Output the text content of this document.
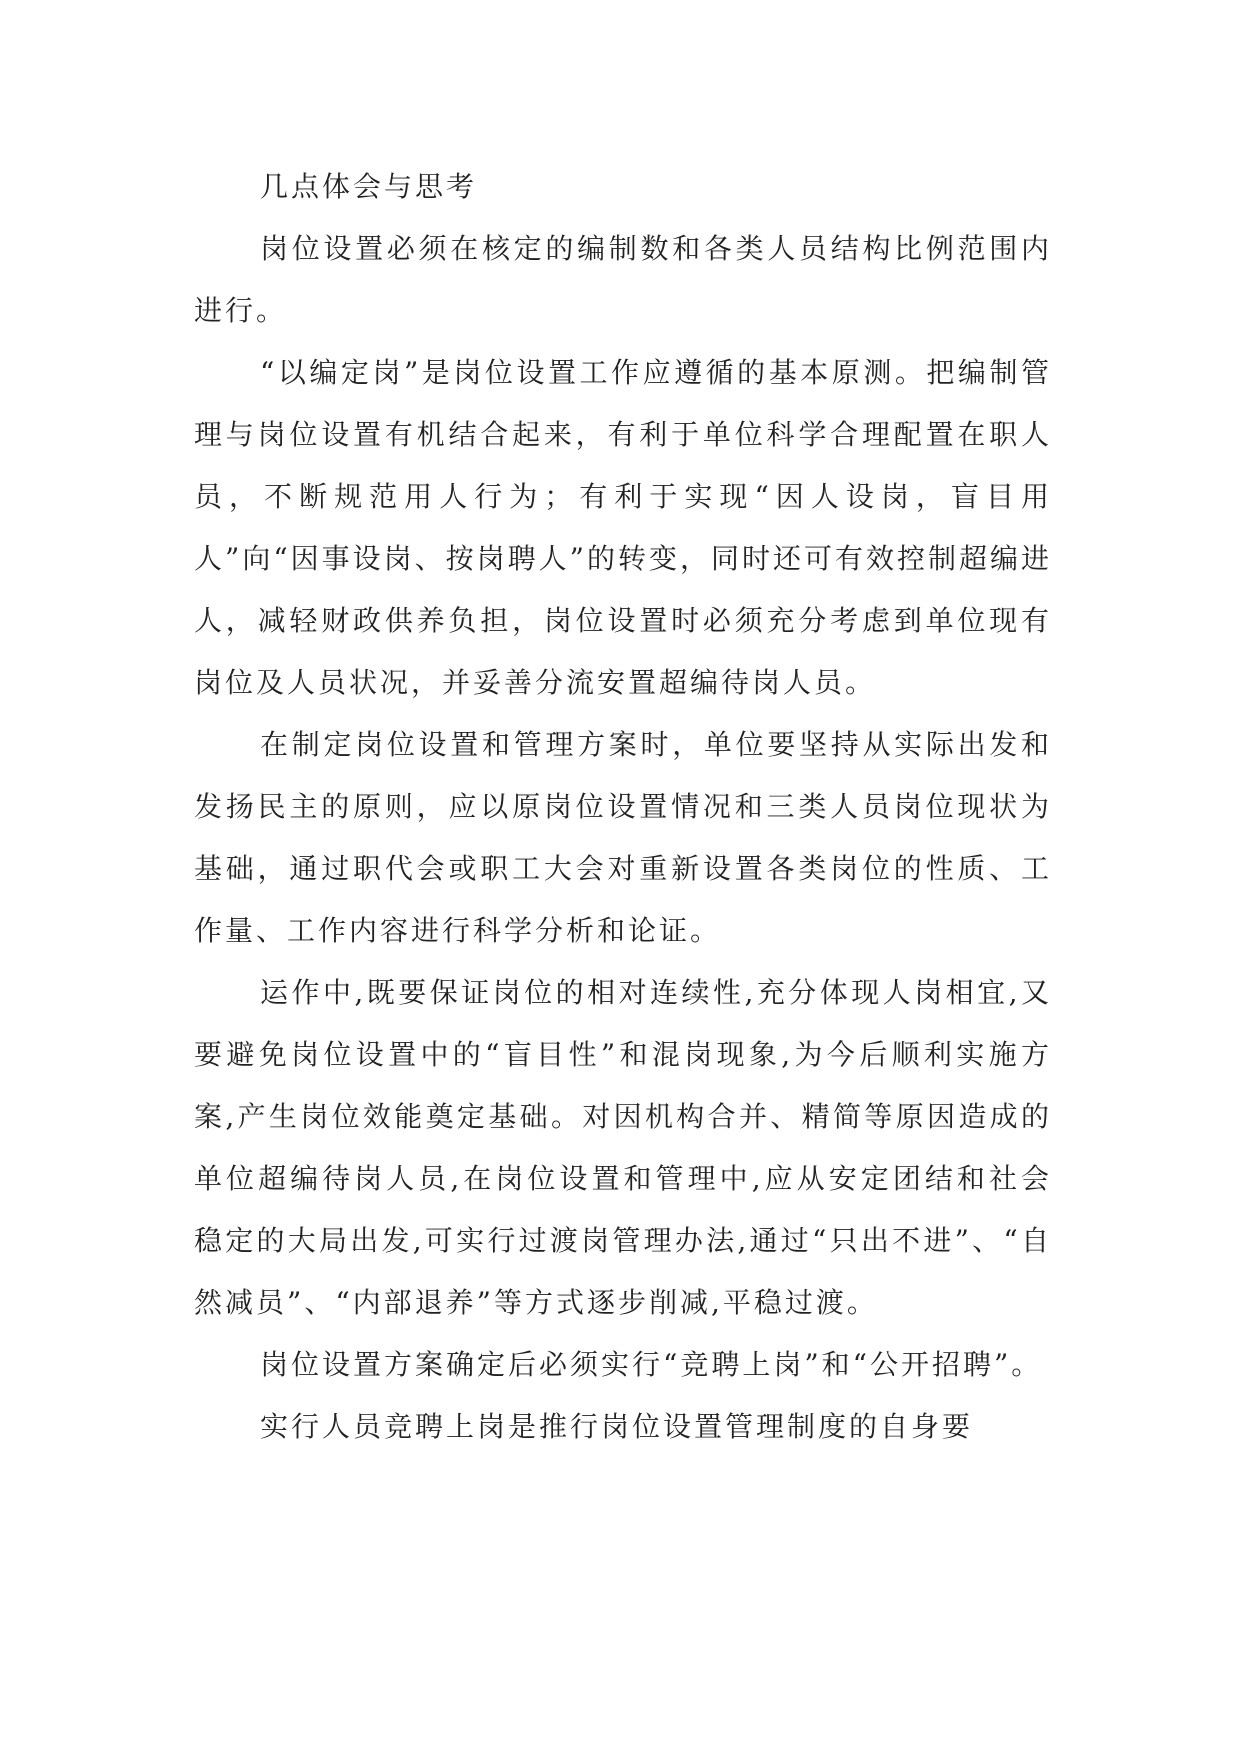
几点体会与思考

岗位设置必须在核定的编制数和各类人员结构比例范围内进行。

“以编定岗”是岗位设置工作应遵循的基本原测。把编制管理与岗位设置有机结合起来，有利于单位科学合理配置在职人员，不断规范用人行为；有利于实现“因人设岗，盲目用人”向“因事设岗、按岗聘人”的转变，同时还可有效控制超编进人，减轻财政供养负担，岗位设置时必须充分考虑到单位现有岗位及人员状况，并妥善分流安置超编待岗人员。

在制定岗位设置和管理方案时，单位要坚持从实际出发和发扬民主的原则，应以原岗位设置情况和三类人员岗位现状为基础，通过职代会或职工大会对重新设置各类岗位的性质、工作量、工作内容进行科学分析和论证。

运作中,既要保证岗位的相对连续性,充分体现人岗相宜,又要避免岗位设置中的“盲目性”和混岗现象,为今后顺利实施方案,产生岗位效能奠定基础。对因机构合并、精简等原因造成的单位超编待岗人员,在岗位设置和管理中,应从安定团结和社会稳定的大局出发,可实行过渡岗管理办法,通过“只出不进”、“自然减员”、“内部退养”等方式逐步削减,平稳过渡。

岗位设置方案确定后必须实行“竞聘上岗”和“公开招聘”。

实行人员竞聘上岗是推行岗位设置管理制度的自身要
